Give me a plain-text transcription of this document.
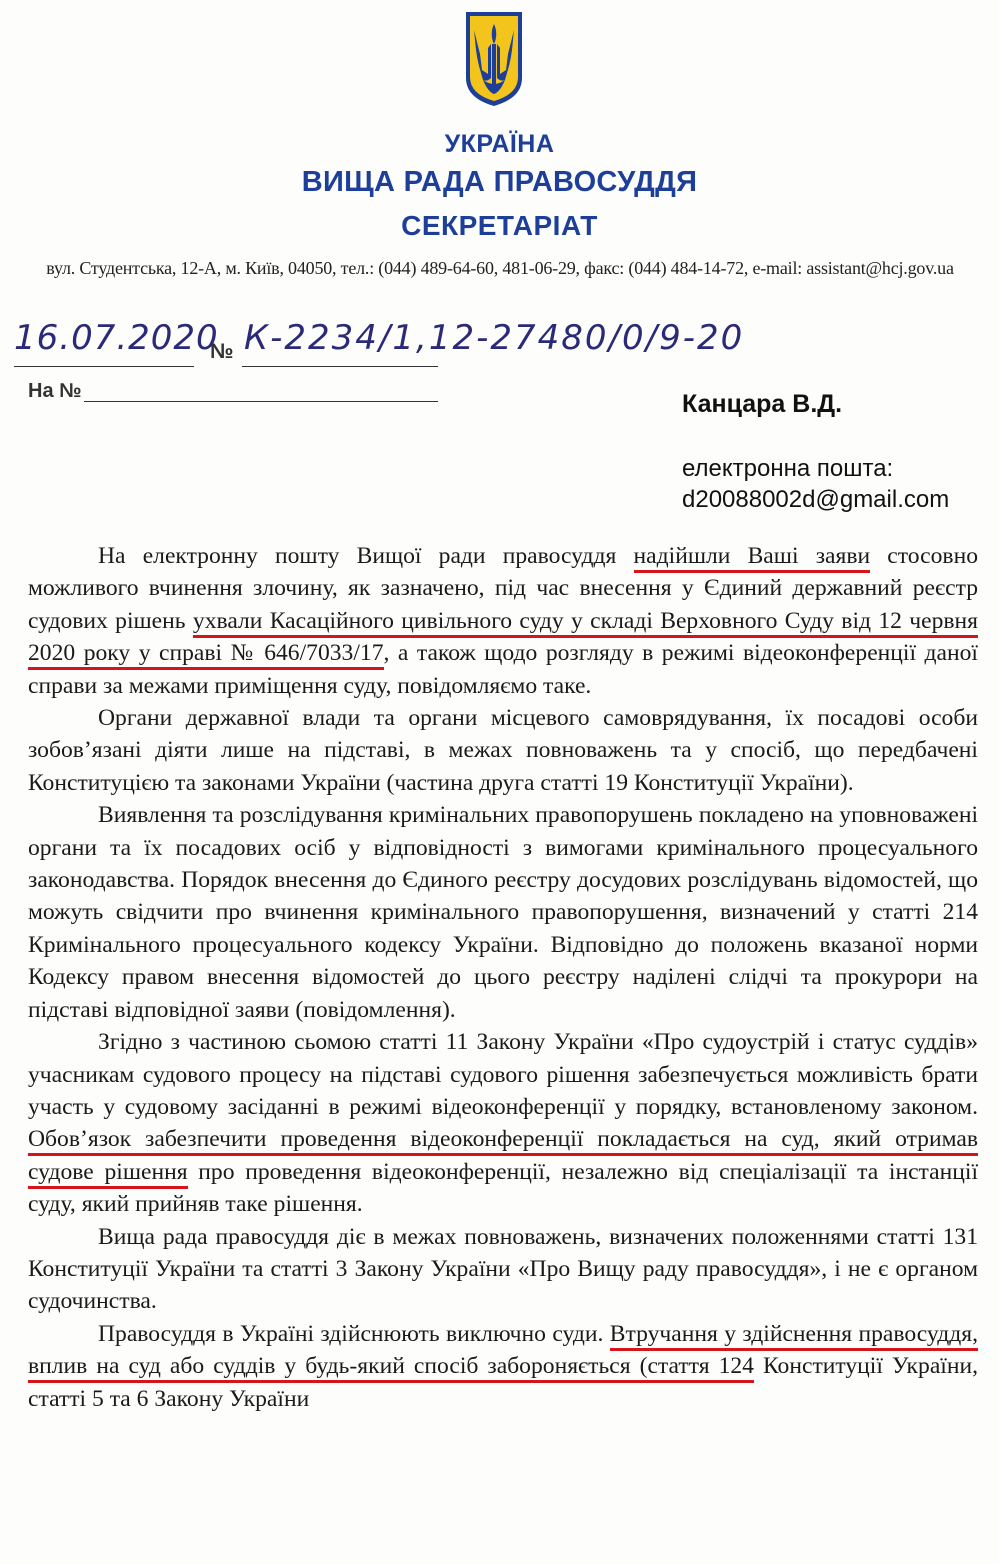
УКРАЇНА
ВИЩА РАДА ПРАВОСУДДЯ
СЕКРЕТАРІАТ
вул. Студентська, 12-А, м. Київ, 04050, тел.: (044) 489-64-60, 481-06-29, факс: (044) 484-14-72, e-mail: assistant@hcj.gov.ua
16.07.2020
№ К-2234/1,12-27480/0/9-20
На №	Канцара В.Д.
електронна пошта:
d20088002d@gmail.com

На електронну пошту Вищої ради правосуддя надійшли Ваші заяви стосовно можливого вчинення злочину, як зазначено, під час внесення у Єдиний державний реєстр судових рішень ухвали Касаційного цивільного суду у складі Верховного Суду від 12 червня 2020 року у справі № 646/7033/17, а також щодо розгляду в режимі відеоконференції даної справи за межами приміщення суду, повідомляємо таке.

Органи державної влади та органи місцевого самоврядування, їх посадові особи зобов’язані діяти лише на підставі, в межах повноважень та у спосіб, що передбачені Конституцією та законами України (частина друга статті 19 Конституції України).

Виявлення та розслідування кримінальних правопорушень покладено на уповноважені органи та їх посадових осіб у відповідності з вимогами кримінального процесуального законодавства. Порядок внесення до Єдиного реєстру досудових розслідувань відомостей, що можуть свідчити про вчинення кримінального правопорушення, визначений у статті 214 Кримінального процесуального кодексу України. Відповідно до положень вказаної норми Кодексу правом внесення відомостей до цього реєстру наділені слідчі та прокурори на підставі відповідної заяви (повідомлення).

Згідно з частиною сьомою статті 11 Закону України «Про судоустрій і статус суддів» учасникам судового процесу на підставі судового рішення забезпечується можливість брати участь у судовому засіданні в режимі відеоконференції у порядку, встановленому законом. Обов’язок забезпечити проведення відеоконференції покладається на суд, який отримав судове рішення про проведення відеоконференції, незалежно від спеціалізації та інстанції суду, який прийняв таке рішення.

Вища рада правосуддя діє в межах повноважень, визначених положеннями статті 131 Конституції України та статті 3 Закону України «Про Вищу раду правосуддя», і не є органом судочинства.

Правосуддя в Україні здійснюють виключно суди. Втручання у здійснення правосуддя, вплив на суд або суддів у будь-який спосіб забороняється (стаття 124 Конституції України, статті 5 та 6 Закону України
